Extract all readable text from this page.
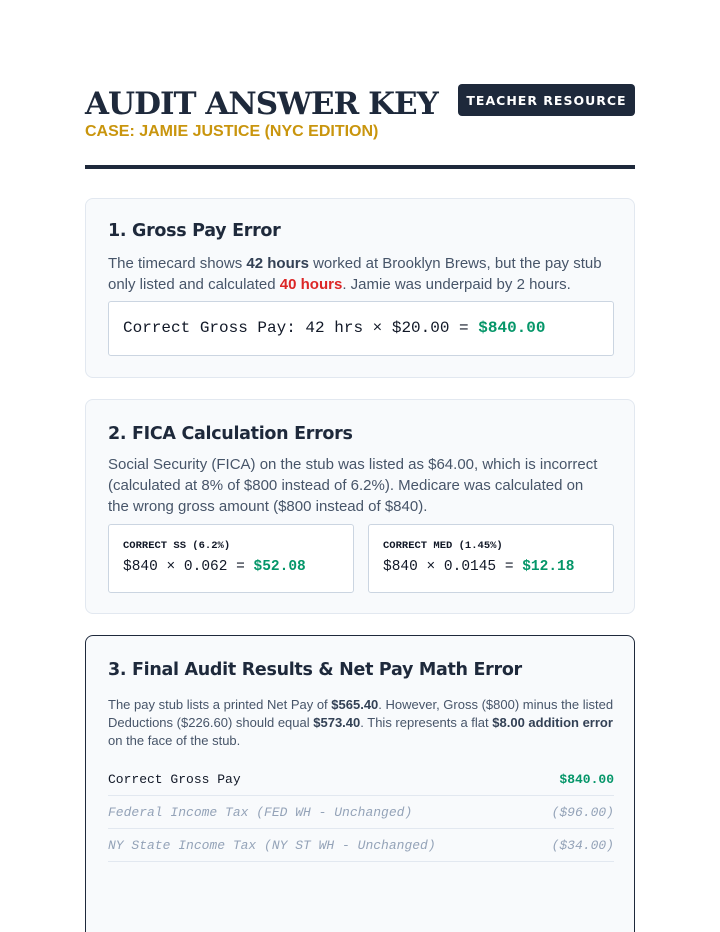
AUDIT ANSWER KEY
CASE: JAMIE JUSTICE (NYC EDITION)
TEACHER RESOURCE
1. Gross Pay Error
The timecard shows 42 hours worked at Brooklyn Brews, but the pay stub only listed and calculated 40 hours. Jamie was underpaid by 2 hours.
Correct Gross Pay: 42 hrs × $20.00 = $840.00
2. FICA Calculation Errors
Social Security (FICA) on the stub was listed as $64.00, which is incorrect (calculated at 8% of $800 instead of 6.2%). Medicare was calculated on the wrong gross amount ($800 instead of $840).
CORRECT SS (6.2%)
$840 × 0.062 = $52.08
CORRECT MED (1.45%)
$840 × 0.0145 = $12.18
3. Final Audit Results & Net Pay Math Error
The pay stub lists a printed Net Pay of $565.40. However, Gross ($800) minus the listed Deductions ($226.60) should equal $573.40. This represents a flat $8.00 addition error on the face of the stub.
Correct Gross Pay	$840.00
Federal Income Tax (FED WH - Unchanged)	($96.00)
NY State Income Tax (NY ST WH - Unchanged)	($34.00)
